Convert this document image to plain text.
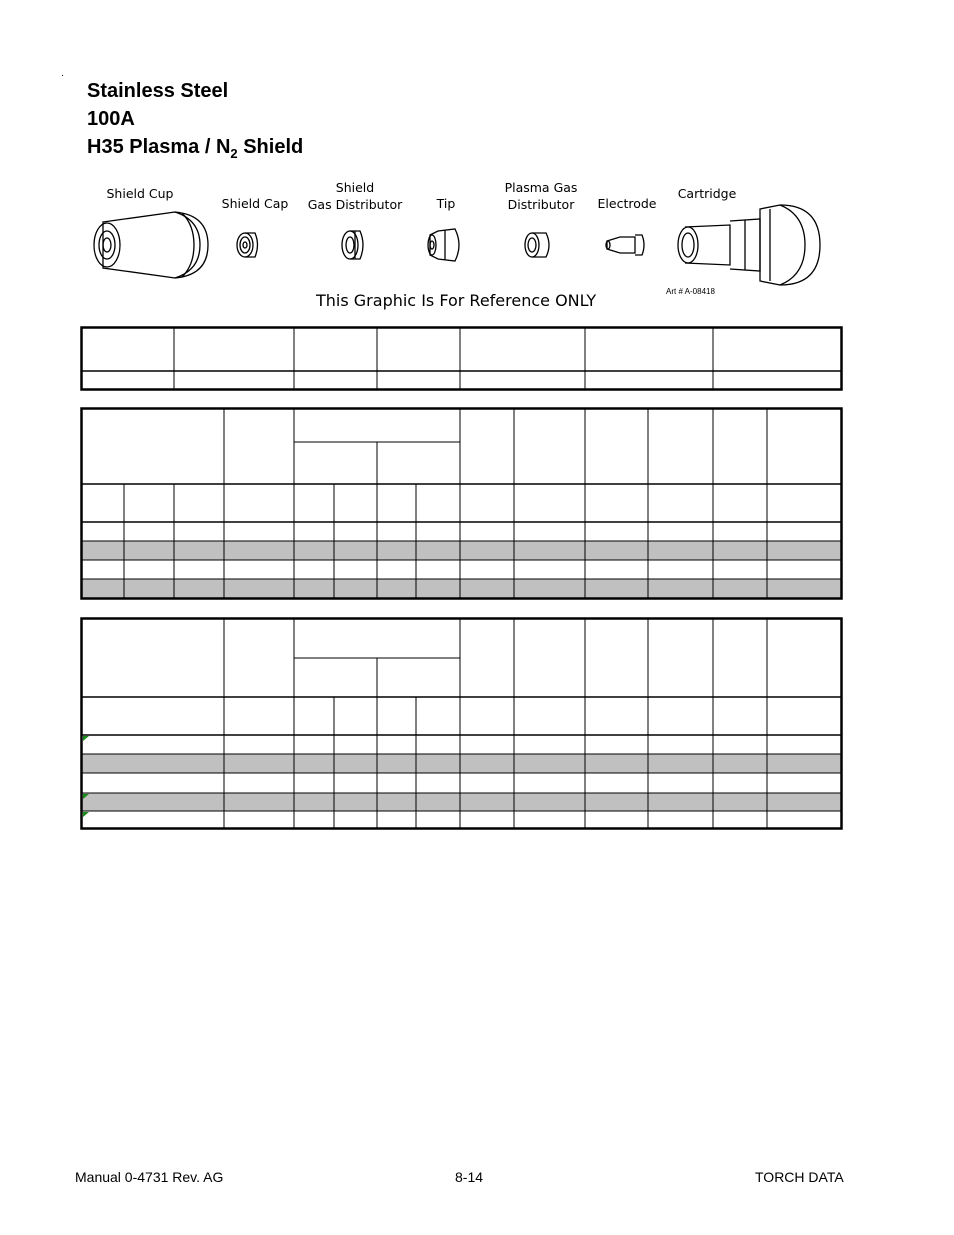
Stainless Steel
100A
H35 Plasma / $N_2$ Shield
Shield Cup
Shield Cap
Shield
Gas Distributor	Tip
Plasma Gas
Distributor Electrode
Cartridge
This Graphic Is For Reference ONLY	Art # A-08418
Manual 0-4731 Rev. AG	8-14	TORCH DATA
